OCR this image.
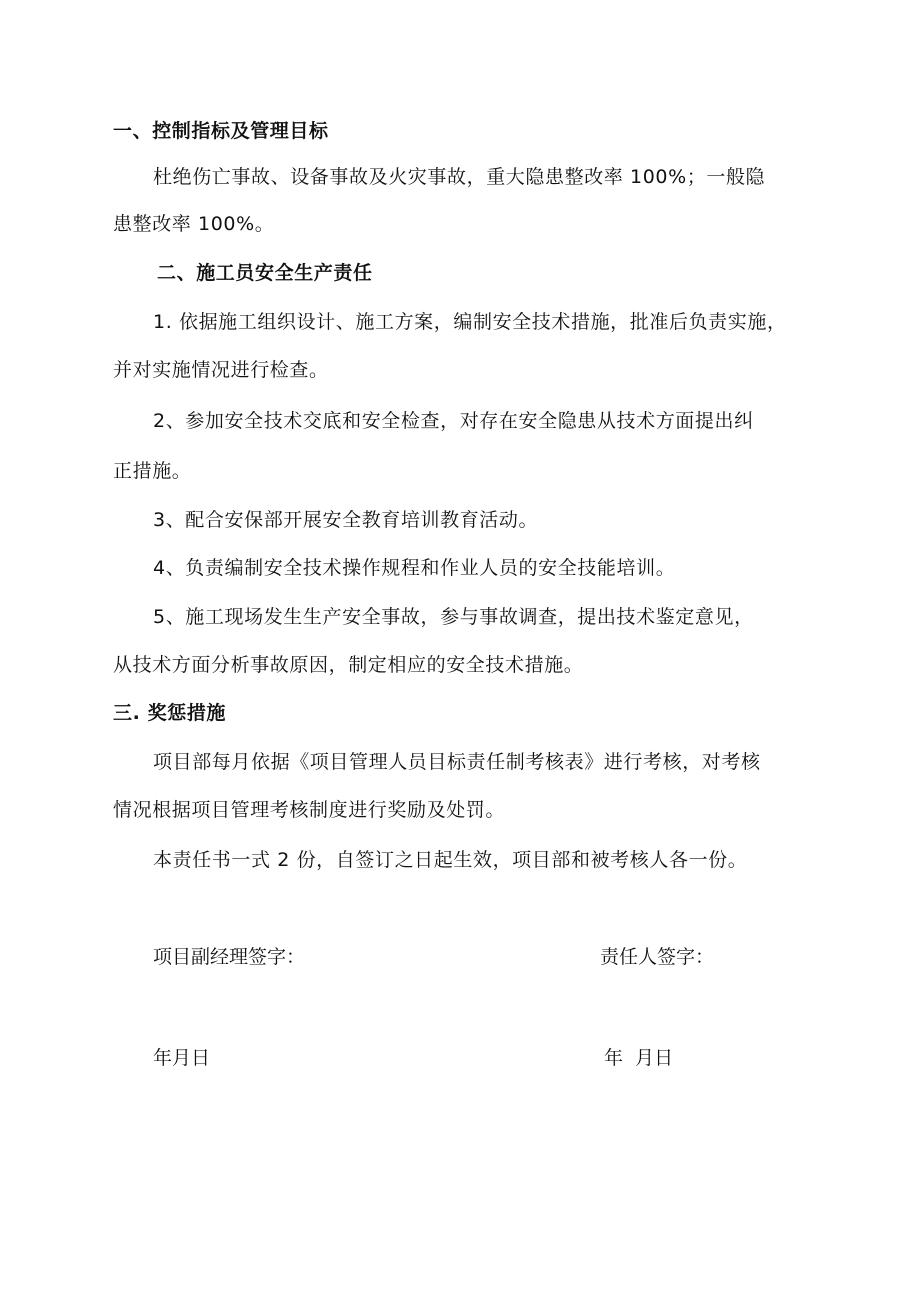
一、控制指标及管理目标
杜绝伤亡事故、设备事故及火灾事故，重大隐患整改率 100%；一般隐
患整改率 100%。
二、施工员安全生产责任
1. 依据施工组织设计、施工方案，编制安全技术措施，批准后负责实施，
并对实施情况进行检查。
2、参加安全技术交底和安全检查，对存在安全隐患从技术方面提出纠
正措施。
3、配合安保部开展安全教育培训教育活动。
4、负责编制安全技术操作规程和作业人员的安全技能培训。
5、施工现场发生生产安全事故，参与事故调查，提出技术鉴定意见，
从技术方面分析事故原因，制定相应的安全技术措施。
三. 奖惩措施
项目部每月依据《项目管理人员目标责任制考核表》进行考核，对考核
情况根据项目管理考核制度进行奖励及处罚。
本责任书一式 2 份，自签订之日起生效，项目部和被考核人各一份。
项目副经理签字：	责任人签字：
年月日	年  月日
